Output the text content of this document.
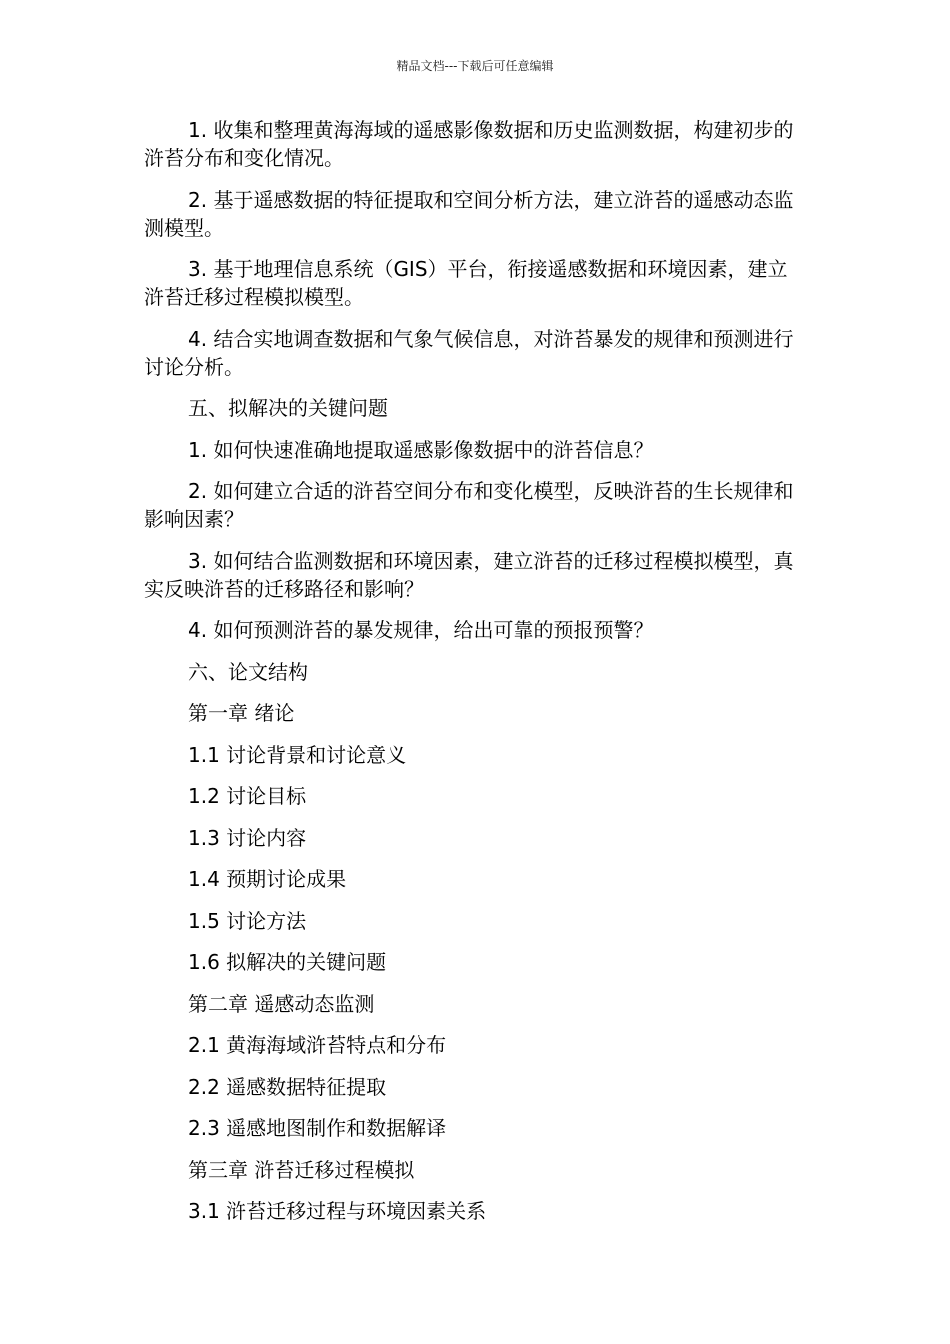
精品文档---下载后可任意编辑

1. 收集和整理黄海海域的遥感影像数据和历史监测数据，构建初步的浒苔分布和变化情况。

2. 基于遥感数据的特征提取和空间分析方法，建立浒苔的遥感动态监测模型。

3. 基于地理信息系统（GIS）平台，衔接遥感数据和环境因素，建立浒苔迁移过程模拟模型。

4. 结合实地调查数据和气象气候信息，对浒苔暴发的规律和预测进行讨论分析。

五、拟解决的关键问题

1. 如何快速准确地提取遥感影像数据中的浒苔信息？

2. 如何建立合适的浒苔空间分布和变化模型，反映浒苔的生长规律和影响因素？

3. 如何结合监测数据和环境因素，建立浒苔的迁移过程模拟模型，真实反映浒苔的迁移路径和影响？

4. 如何预测浒苔的暴发规律，给出可靠的预报预警？

六、论文结构

第一章 绪论

1.1 讨论背景和讨论意义

1.2 讨论目标

1.3 讨论内容

1.4 预期讨论成果

1.5 讨论方法

1.6 拟解决的关键问题

第二章 遥感动态监测

2.1 黄海海域浒苔特点和分布

2.2 遥感数据特征提取

2.3 遥感地图制作和数据解译

第三章 浒苔迁移过程模拟

3.1 浒苔迁移过程与环境因素关系
